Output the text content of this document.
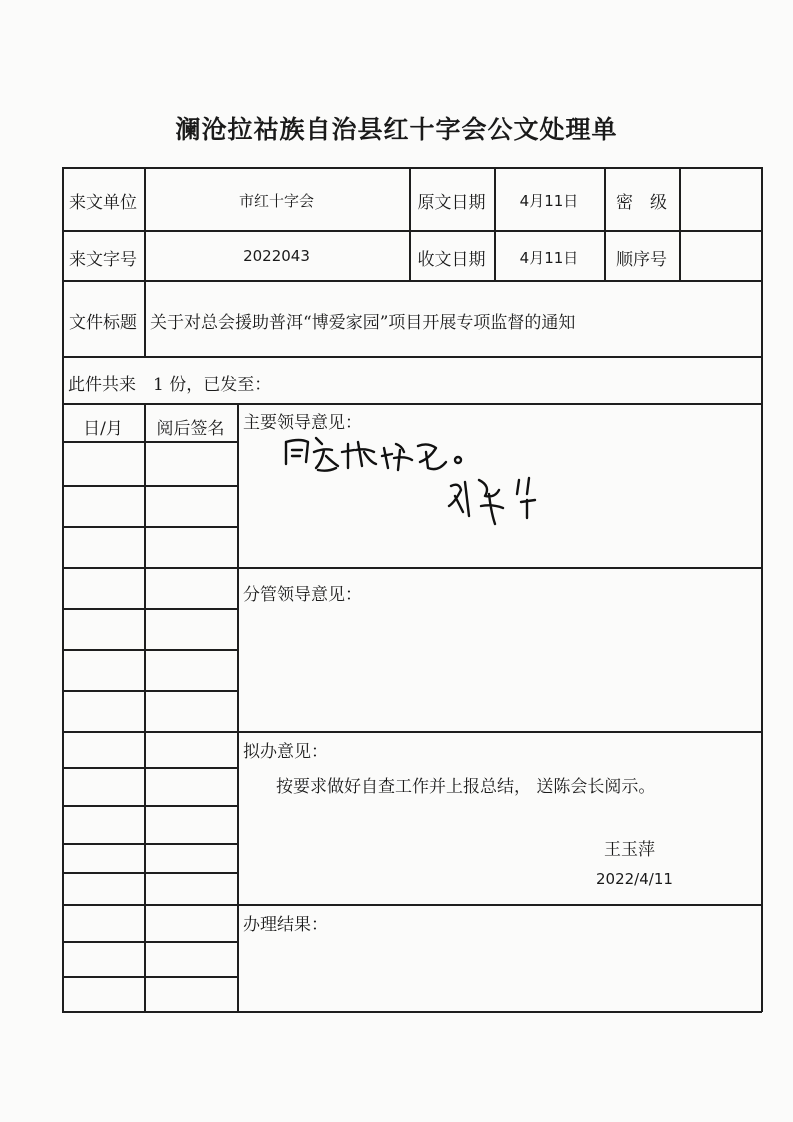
澜沧拉祜族自治县红十字会公文处理单
来文单位	市红十字会	原文日期	4月11日	密　级
来文字号	2022043	收文日期	4月11日	顺序号
文件标题 关于对总会援助普洱“博爱家园”项目开展专项监督的通知
此件共来　1 份，已发至：
日/月	阅后签名	主要领导意见：
分管领导意见：
拟办意见：
按要求做好自查工作并上报总结， 送陈会长阅示。
王玉萍
2022/4/11
办理结果：
